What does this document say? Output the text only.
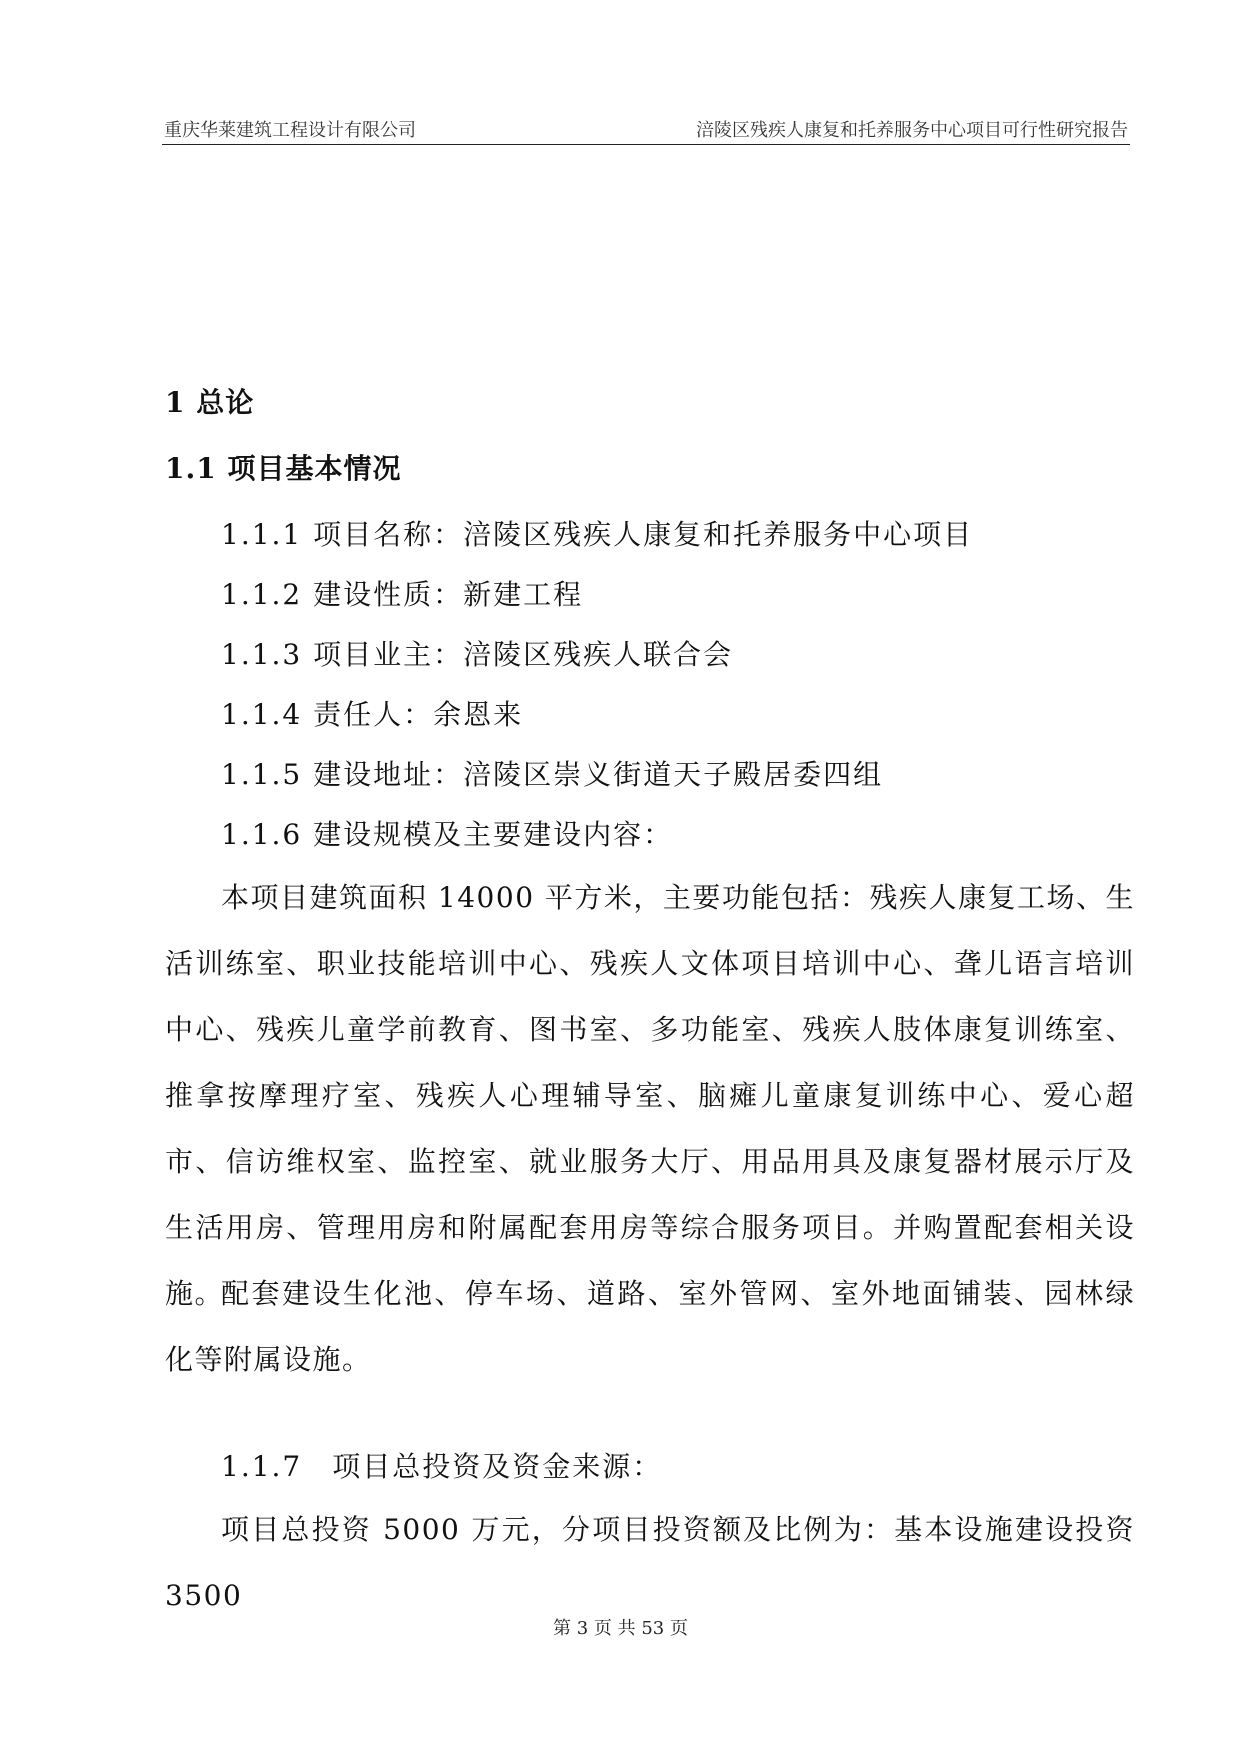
重庆华莱建筑工程设计有限公司	涪陵区残疾人康复和托养服务中心项目可行性研究报告
1 总论
1.1 项目基本情况
1.1.1 项目名称：涪陵区残疾人康复和托养服务中心项目
1.1.2 建设性质：新建工程
1.1.3 项目业主：涪陵区残疾人联合会
1.1.4 责任人：余恩来
1.1.5 建设地址：涪陵区崇义街道天子殿居委四组
1.1.6 建设规模及主要建设内容：
本项目建筑面积 14000 平方米，主要功能包括：残疾人康复工场、生活训练室、职业技能培训中心、残疾人文体项目培训中心、聋儿语言培训中心、残疾儿童学前教育、图书室、多功能室、残疾人肢体康复训练室、推拿按摩理疗室、残疾人心理辅导室、脑瘫儿童康复训练中心、爱心超市、信访维权室、监控室、就业服务大厅、用品用具及康复器材展示厅及生活用房、管理用房和附属配套用房等综合服务项目。并购置配套相关设施。
配套建设生化池、停车场、道路、室外管网、室外地面铺装、园林绿化等附属设施。
1.1.7　项目总投资及资金来源：
项目总投资 5000 万元，分项目投资额及比例为：基本设施建设投资 3500
第 3 页 共 53 页
